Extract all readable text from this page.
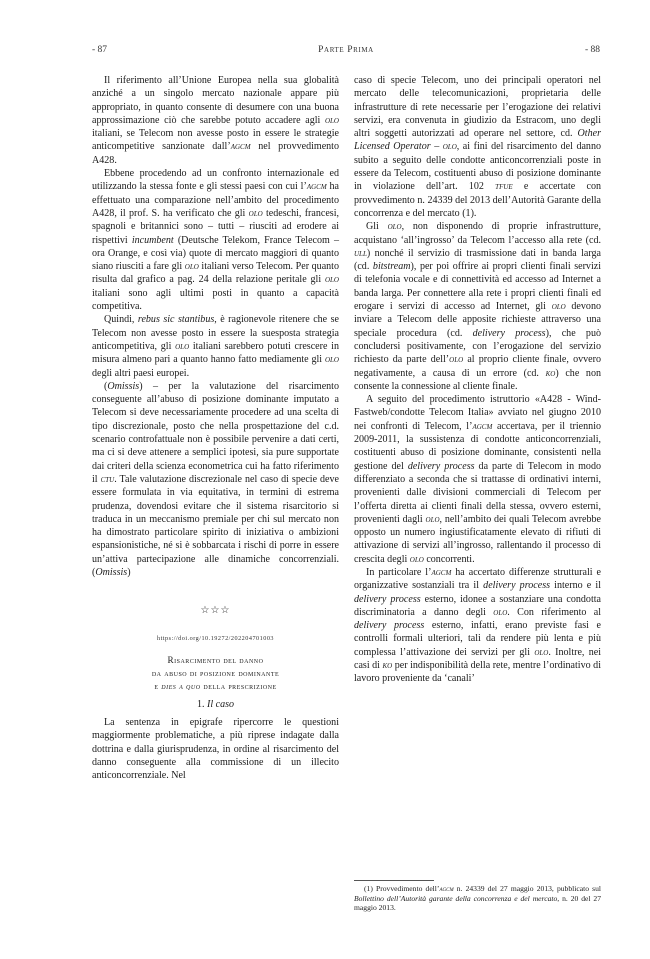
- 87	Parte Prima	- 88

Il riferimento all’Unione Europea nella sua globalità anziché a un singolo mercato nazionale appare più appropriato, in quanto consente di desumere con una buona approssimazione ciò che sarebbe potuto accadere agli olo italiani, se Telecom non avesse posto in essere le strategie anticompetitive sanzionate dall’agcm nel provvedimento A428.

Ebbene procedendo ad un confronto internazionale ed utilizzando la stessa fonte e gli stessi paesi con cui l’agcm ha effettuato una comparazione nell’ambito del procedimento A428, il prof. S. ha verificato che gli olo tedeschi, francesi, spagnoli e britannici sono – tutti – riusciti ad erodere ai rispettivi incumbent (Deutsche Telekom, France Telecom – ora Orange, e così via) quote di mercato maggiori di quanto siano riusciti a fare gli olo italiani verso Telecom. Per quanto risulta dal grafico a pag. 24 della relazione peritale gli olo italiani sono agli ultimi posti in quanto a capacità competitiva.

Quindi, rebus sic stantibus, è ragionevole ritenere che se Telecom non avesse posto in essere la suesposta strategia anticompetitiva, gli olo italiani sarebbero potuti crescere in misura almeno pari a quanto hanno fatto mediamente gli olo degli altri paesi europei.

(Omissis) – per la valutazione del risarcimento conseguente all’abuso di posizione dominante imputato a Telecom si deve necessariamente procedere ad una scelta di tipo discrezionale, posto che nella prospettazione del c.d. scenario controfattuale non è possibile pervenire a dati certi, ma ci si deve attenere a semplici ipotesi, sia pure supportate dai criteri della scienza econometrica cui ha fatto riferimento il ctu. Tale valutazione discrezionale nel caso di specie deve essere formulata in via equitativa, in termini di estrema prudenza, dovendosi evitare che il sistema risarcitorio si traduca in un meccanismo premiale per chi sul mercato non ha dimostrato particolare spirito di iniziativa o ambizioni espansionistiche, né si è sobbarcata i rischi di porre in essere un’attiva partecipazione alle dinamiche concorrenziali. (Omissis)

☆☆☆
https://doi.org/10.19272/202204701003
Risarcimento del danno
da abuso di posizione dominante
e dies a quo della prescrizione
1. Il caso

La sentenza in epigrafe ripercorre le questioni maggiormente problematiche, a più riprese indagate dalla dottrina e dalla giurisprudenza, in ordine al risarcimento del danno conseguente alla commissione di un illecito anticoncorrenziale. Nel

caso di specie Telecom, uno dei principali operatori nel mercato delle telecomunicazioni, proprietaria delle infrastrutture di rete necessarie per l’erogazione dei relativi servizi, era convenuta in giudizio da Estracom, uno degli altri soggetti autorizzati ad operare nel settore, cd. Other Licensed Operator – olo, ai fini del risarcimento del danno subito a seguito delle condotte anticoncorrenziali poste in essere da Telecom, costituenti abuso di posizione dominante in violazione dell’art. 102 tfue e accertate con provvedimento n. 24339 del 2013 dell’Autorità Garante della concorrenza e del mercato (1).

Gli olo, non disponendo di proprie infrastrutture, acquistano ‘all’ingrosso’ da Telecom l’accesso alla rete (cd. ull) nonché il servizio di trasmissione dati in banda larga (cd. bitstream), per poi offrire ai propri clienti finali servizi di telefonia vocale e di connettività ed accesso ad Internet a banda larga. Per connettere alla rete i propri clienti finali ed erogare i servizi di accesso ad Internet, gli olo devono inviare a Telecom delle apposite richieste attraverso una speciale procedura (cd. delivery process), che può concludersi positivamente, con l’erogazione del servizio richiesto da parte dell’olo al proprio cliente finale, ovvero negativamente, a causa di un errore (cd. ko) che non consente la connessione al cliente finale.

A seguito del procedimento istruttorio «A428 - Wind-Fastweb/condotte Telecom Italia» avviato nel giugno 2010 nei confronti di Telecom, l’agcm accertava, per il triennio 2009-2011, la sussistenza di condotte anticoncorrenziali, costituenti abuso di posizione dominante, consistenti nella gestione del delivery process da parte di Telecom in modo differenziato a seconda che si trattasse di ordinativi interni, provenienti dalle divisioni commerciali di Telecom per l’offerta diretta ai clienti finali della stessa, ovvero esterni, provenienti dagli olo, nell’ambito dei quali Telecom avrebbe opposto un numero ingiustificatamente elevato di rifiuti di attivazione di servizi all’ingrosso, rallentando il processo di crescita degli olo concorrenti.

In particolare l’agcm ha accertato differenze strutturali e organizzative sostanziali tra il delivery process interno e il delivery process esterno, idonee a sostanziare una condotta discriminatoria a danno degli olo. Con riferimento al delivery process esterno, infatti, erano previste fasi e controlli formali ulteriori, tali da rendere più lenta e più complessa l’attivazione dei servizi per gli olo. Inoltre, nei casi di ko per indisponibilità della rete, mentre l’ordinativo di lavoro proveniente da ‘canali’

(1) Provvedimento dell’agcm n. 24339 del 27 maggio 2013, pubblicato sul Bollettino dell’Autorità garante della concorrenza e del mercato, n. 20 del 27 maggio 2013.
